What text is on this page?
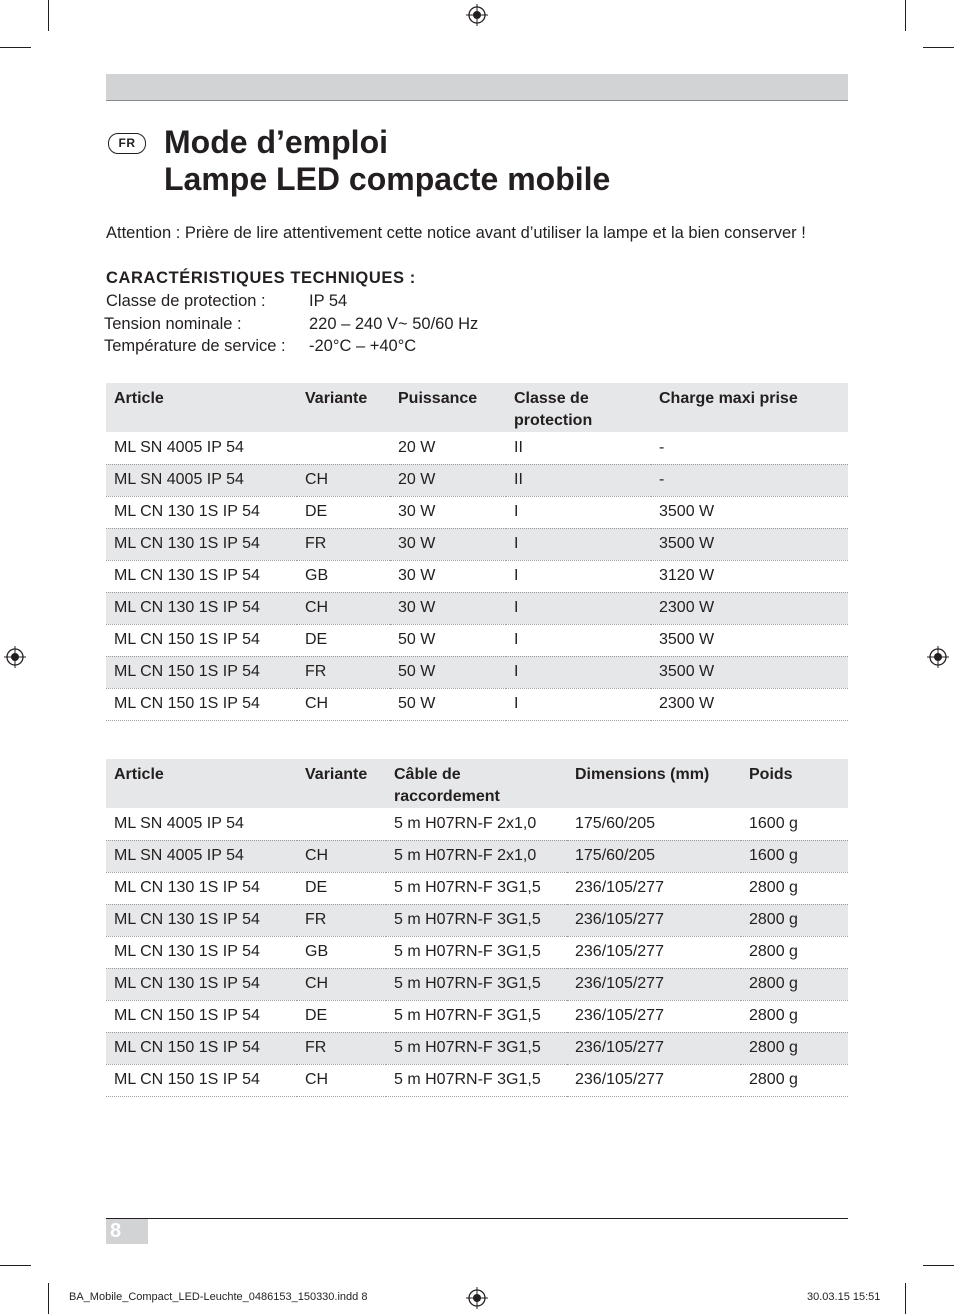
FR Mode d’emploi
Lampe LED compacte mobile
Attention : Prière de lire attentivement cette notice avant d’utiliser la lampe et la bien conserver !
CARACTÉRISTIQUES TECHNIQUES :
Classe de protection :	IP 54
Tension nominale :	220 – 240 V~ 50/60 Hz
Température de service : -20°C – +40°C
Article	Variante	Puissance	Classe de protection	Charge maxi prise
ML SN 4005 IP 54		20 W	II	-
ML SN 4005 IP 54	CH	20 W	II	-
ML CN 130 1S IP 54	DE	30 W	I	3500 W
ML CN 130 1S IP 54	FR	30 W	I	3500 W
ML CN 130 1S IP 54	GB	30 W	I	3120 W
ML CN 130 1S IP 54	CH	30 W	I	2300 W
ML CN 150 1S IP 54	DE	50 W	I	3500 W
ML CN 150 1S IP 54	FR	50 W	I	3500 W
ML CN 150 1S IP 54	CH	50 W	I	2300 W
Article	Variante	Câble de raccordement	Dimensions (mm)	Poids
ML SN 4005 IP 54		5 m H07RN-F 2x1,0	175/60/205	1600 g
ML SN 4005 IP 54	CH	5 m H07RN-F 2x1,0	175/60/205	1600 g
ML CN 130 1S IP 54	DE	5 m H07RN-F 3G1,5	236/105/277	2800 g
ML CN 130 1S IP 54	FR	5 m H07RN-F 3G1,5	236/105/277	2800 g
ML CN 130 1S IP 54	GB	5 m H07RN-F 3G1,5	236/105/277	2800 g
ML CN 130 1S IP 54	CH	5 m H07RN-F 3G1,5	236/105/277	2800 g
ML CN 150 1S IP 54	DE	5 m H07RN-F 3G1,5	236/105/277	2800 g
ML CN 150 1S IP 54	FR	5 m H07RN-F 3G1,5	236/105/277	2800 g
ML CN 150 1S IP 54	CH	5 m H07RN-F 3G1,5	236/105/277	2800 g
8
BA_Mobile_Compact_LED-Leuchte_0486153_150330.indd 8	30.03.15 15:51
